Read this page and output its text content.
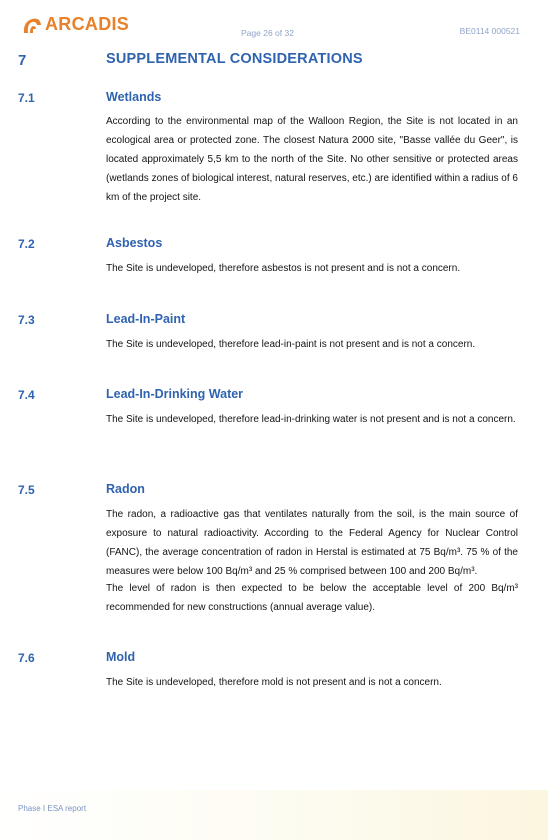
ARCADIS	Page 26 of 32	BE0114 000521
7	SUPPLEMENTAL CONSIDERATIONS
7.1	Wetlands

According to the environmental map of the Walloon Region, the Site is not located in an ecological area or protected zone. The closest Natura 2000 site, "Basse vallée du Geer", is located approximately 5,5 km to the north of the Site. No other sensitive or protected areas (wetlands zones of biological interest, natural reserves, etc.) are identified within a radius of 6 km of the project site.

7.2	Asbestos

The Site is undeveloped, therefore asbestos is not present and is not a concern.

7.3	Lead-In-Paint

The Site is undeveloped, therefore lead-in-paint is not present and is not a concern.

7.4	Lead-In-Drinking Water

The Site is undeveloped, therefore lead-in-drinking water is not present and is not a concern.

7.5	Radon

The radon, a radioactive gas that ventilates naturally from the soil, is the main source of exposure to natural radioactivity. According to the Federal Agency for Nuclear Control (FANC), the average concentration of radon in Herstal is estimated at 75 Bq/m³. 75 % of the measures were below 100 Bq/m³ and 25 % comprised between 100 and 200 Bq/m³.

The level of radon is then expected to be below the acceptable level of 200 Bq/m³ recommended for new constructions (annual average value).

7.6	Mold

The Site is undeveloped, therefore mold is not present and is not a concern.

Phase I ESA report
